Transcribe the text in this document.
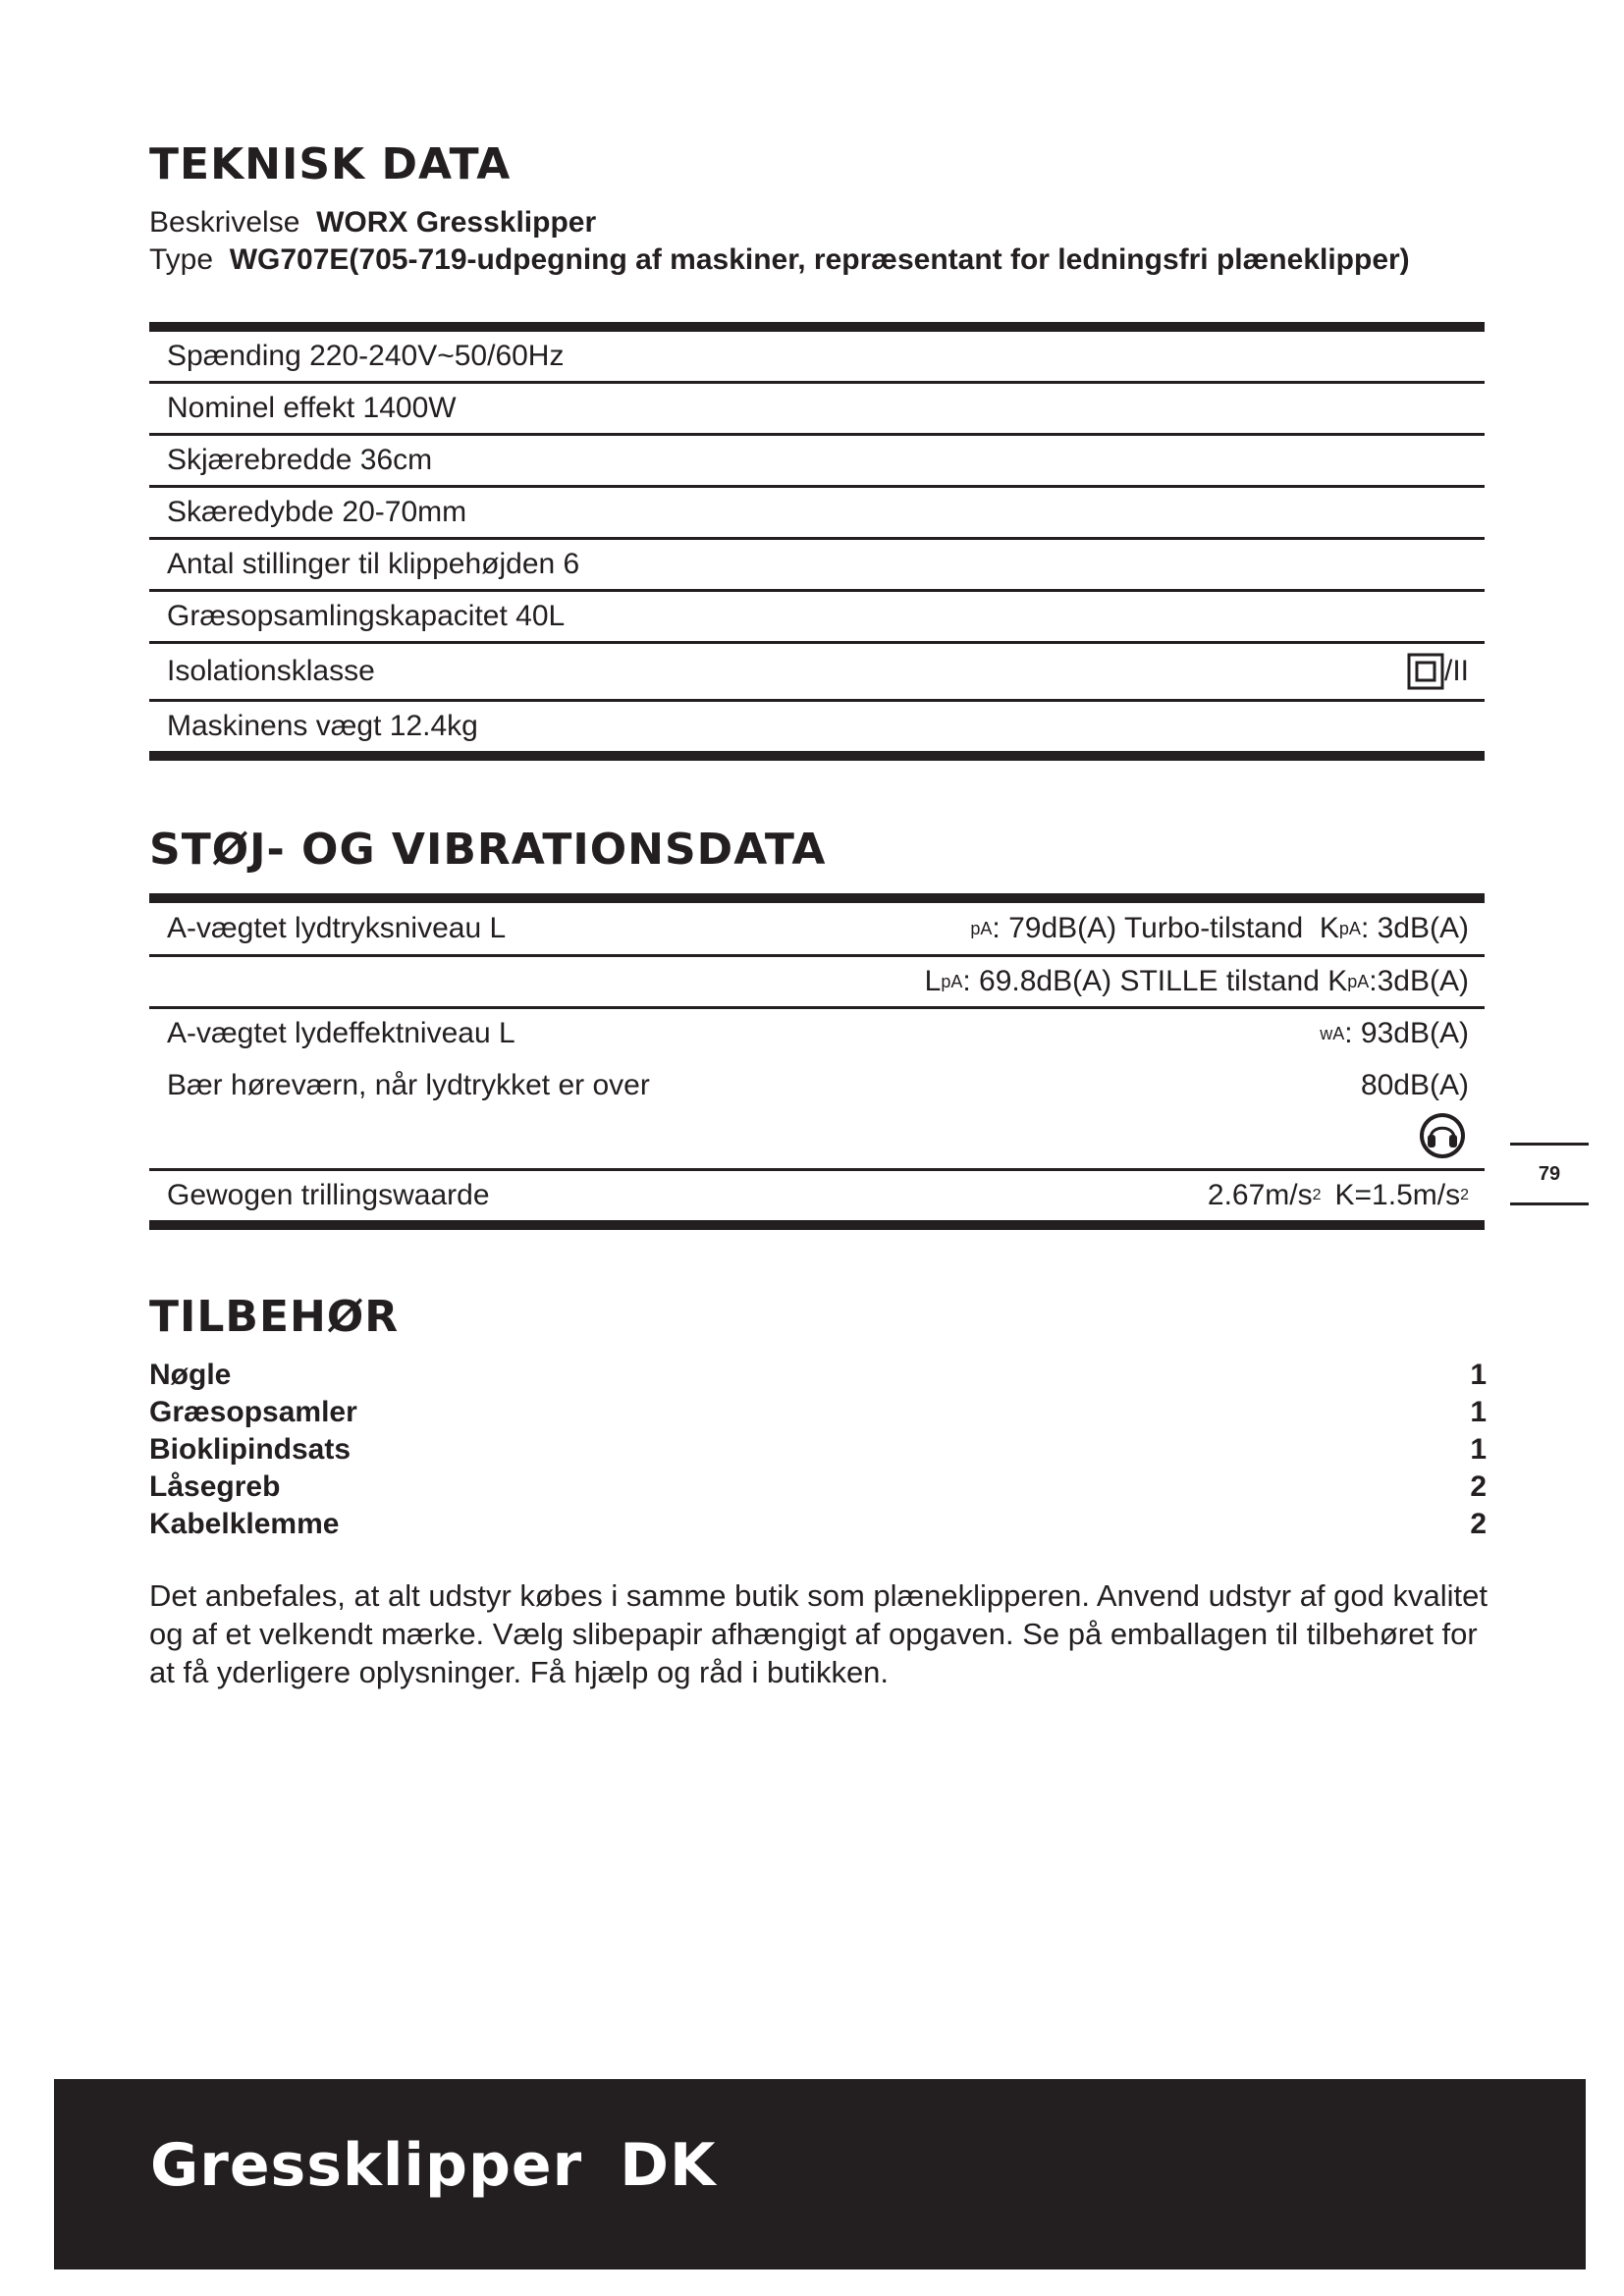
TEKNISK DATA
Beskrivelse WORX Gressklipper
Type WG707E(705-719-udpegning af maskiner, repræsentant for ledningsfri plæneklipper)
Spænding 220-240V~50/60Hz
Nominel effekt 1400W
Skjærebredde 36cm
Skæredybde 20-70mm
Antal stillinger til klippehøjden 6
Græsopsamlingskapacitet 40L
Isolationsklasse	/II
Maskinens vægt 12.4kg
STØJ- OG VIBRATIONSDATA
A-vægtet lydtryksniveau L	pA : 79dB(A) Turbo-tilstand  K pA : 3dB(A)
L pA : 69.8dB(A) STILLE tilstand K pA :3dB(A)
A-vægtet lydeffektniveau L	wA : 93dB(A)
Bær høreværn, når lydtrykket er over	80dB(A)
Gewogen trillingswaarde	2.67m/s 2 K=1.5m/s 2
79
TILBEHØR
Nøgle	1
Græsopsamler	1
Bioklipindsats	1
Låsegreb	2
Kabelklemme	2

Det anbefales, at alt udstyr købes i samme butik som plæneklipperen. Anvend udstyr af god kvalitet og af et velkendt mærke. Vælg slibepapir afhængigt af opgaven. Se på emballagen til tilbehøret for at få yderligere oplysninger. Få hjælp og råd i butikken.

Gressklipper DK
